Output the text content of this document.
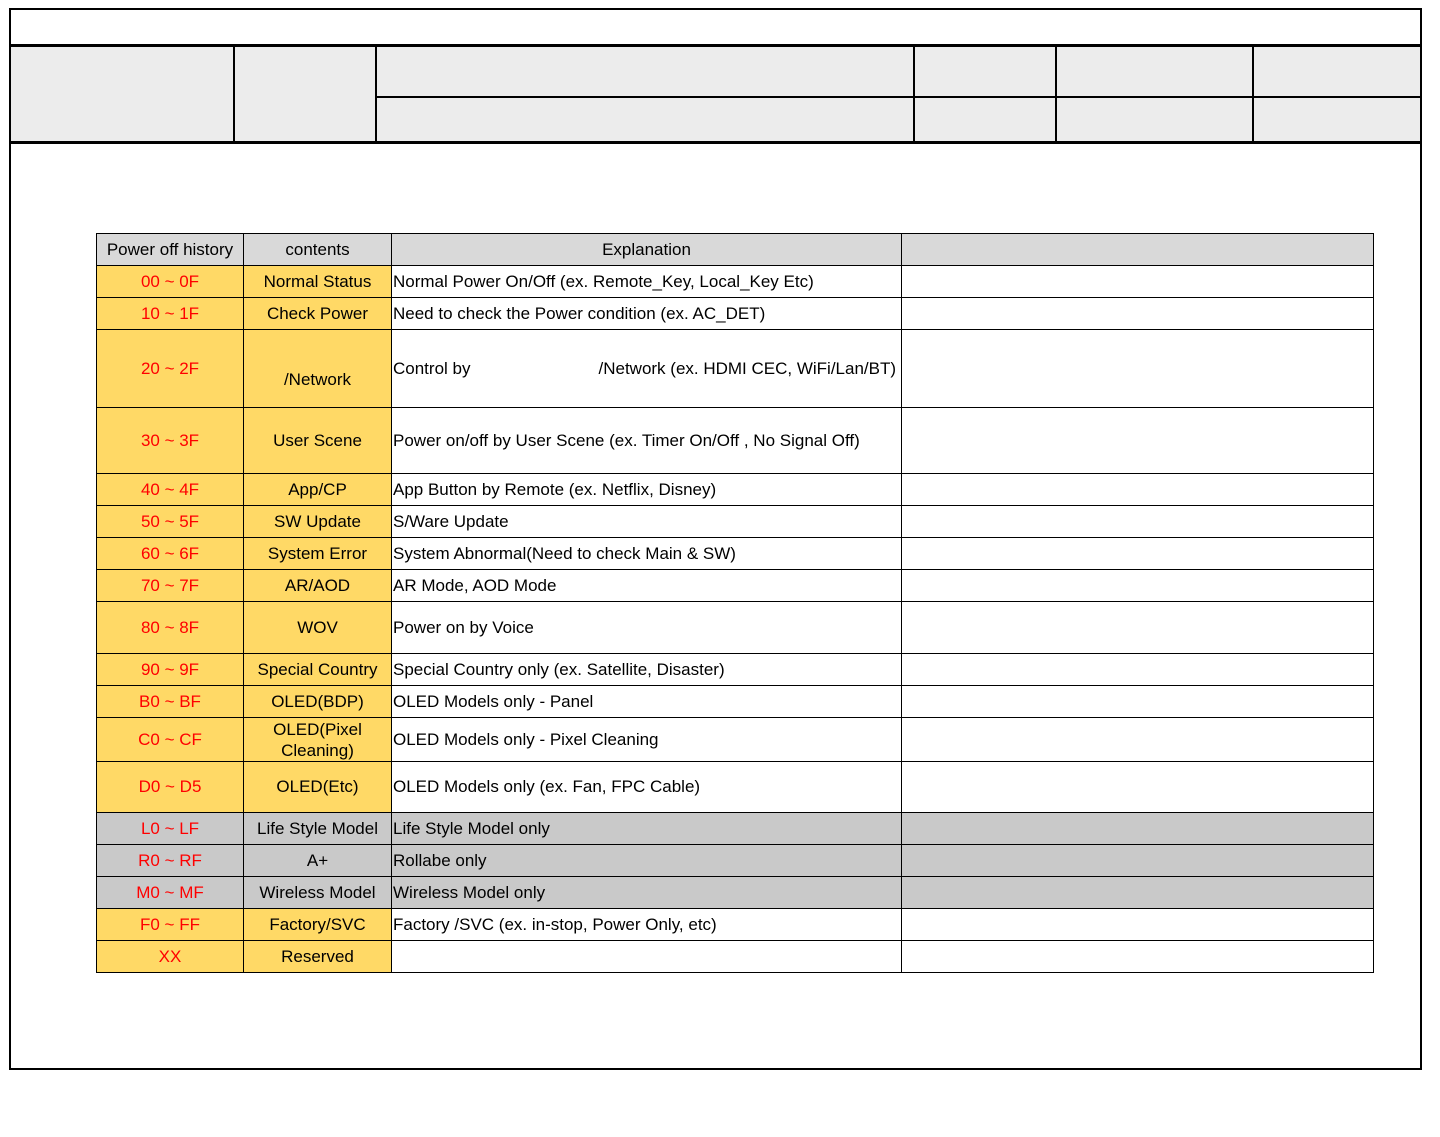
Power off history	contents	Explanation	
00 ~ 0F	Normal Status	Normal Power On/Off (ex. Remote_Key, Local_Key Etc)	
10 ~ 1F	Check Power	Need to check the Power condition (ex. AC_DET)	
20 ~ 2F	/Network	Control by /Network (ex. HDMI CEC, WiFi/Lan/BT)	
30 ~ 3F	User Scene	Power on/off by User Scene (ex. Timer On/Off , No Signal Off)	
40 ~ 4F	App/CP	App Button by Remote (ex. Netflix, Disney)	
50 ~ 5F	SW Update	S/Ware Update	
60 ~ 6F	System Error	System Abnormal(Need to check Main & SW)	
70 ~ 7F	AR/AOD	AR Mode, AOD Mode	
80 ~ 8F	WOV	Power on by Voice	
90 ~ 9F	Special Country	Special Country only (ex. Satellite, Disaster)	
B0 ~ BF	OLED(BDP)	OLED Models only - Panel	
C0 ~ CF	OLED(Pixel Cleaning)	OLED Models only - Pixel Cleaning	
D0 ~ D5	OLED(Etc)	OLED Models only (ex. Fan, FPC Cable)	
L0 ~ LF	Life Style Model	Life Style Model only	
R0 ~ RF	A+	Rollabe only	
M0 ~ MF	Wireless Model	Wireless Model only	
F0 ~ FF	Factory/SVC	Factory /SVC (ex. in-stop, Power Only, etc)	
XX	Reserved		
